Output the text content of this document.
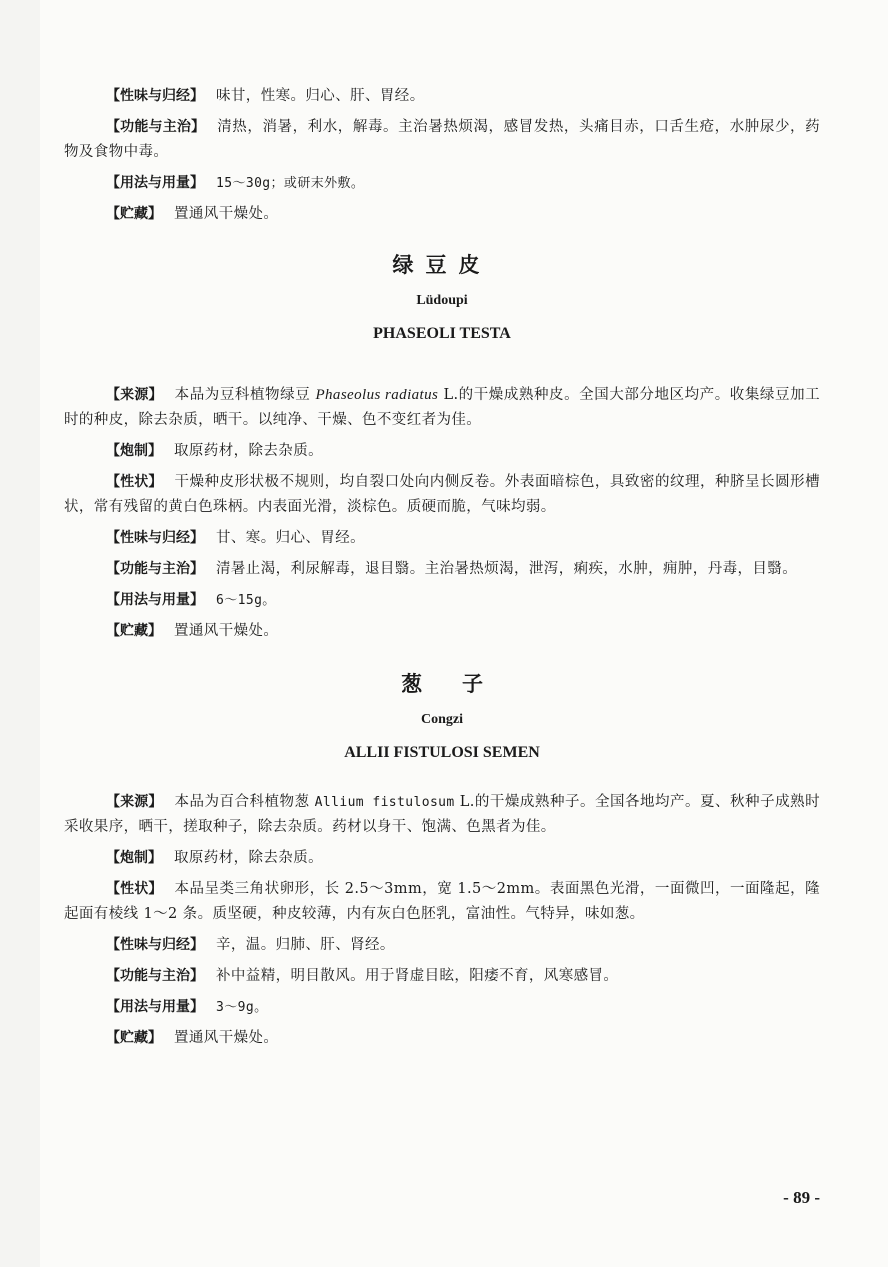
【性味与归经】 味甘，性寒。归心、肝、胃经。

【功能与主治】 清热，消暑，利水，解毒。主治暑热烦渴，感冒发热，头痛目赤，口舌生疮，水肿尿少，药物及食物中毒。

【用法与用量】 15～30g；或研末外敷。

【贮藏】 置通风干燥处。

绿豆皮

Lüdoupi

PHASEOLI TESTA

【来源】 本品为豆科植物绿豆 Phaseolus radiatus L.的干燥成熟种皮。全国大部分地区均产。收集绿豆加工时的种皮，除去杂质，晒干。以纯净、干燥、色不变红者为佳。

【炮制】 取原药材，除去杂质。

【性状】 干燥种皮形状极不规则，均自裂口处向内侧反卷。外表面暗棕色，具致密的纹理，种脐呈长圆形槽状，常有残留的黄白色珠柄。内表面光滑，淡棕色。质硬而脆，气味均弱。

【性味与归经】 甘、寒。归心、胃经。

【功能与主治】 清暑止渴，利尿解毒，退目翳。主治暑热烦渴，泄泻，痢疾，水肿，痈肿，丹毒，目翳。

【用法与用量】 6～15g。

【贮藏】 置通风干燥处。

葱子

Congzi

ALLII FISTULOSI SEMEN

【来源】 本品为百合科植物葱 Allium fistulosum L.的干燥成熟种子。全国各地均产。夏、秋种子成熟时采收果序，晒干，搓取种子，除去杂质。药材以身干、饱满、色黑者为佳。

【炮制】 取原药材，除去杂质。

【性状】 本品呈类三角状卵形，长 2.5～3mm，宽 1.5～2mm。表面黑色光滑，一面微凹，一面隆起，隆起面有棱线 1～2 条。质坚硬，种皮较薄，内有灰白色胚乳，富油性。气特异，味如葱。

【性味与归经】 辛，温。归肺、肝、肾经。

【功能与主治】 补中益精，明目散风。用于肾虚目眩，阳痿不育，风寒感冒。

【用法与用量】 3～9g。

【贮藏】 置通风干燥处。

- 89 -
